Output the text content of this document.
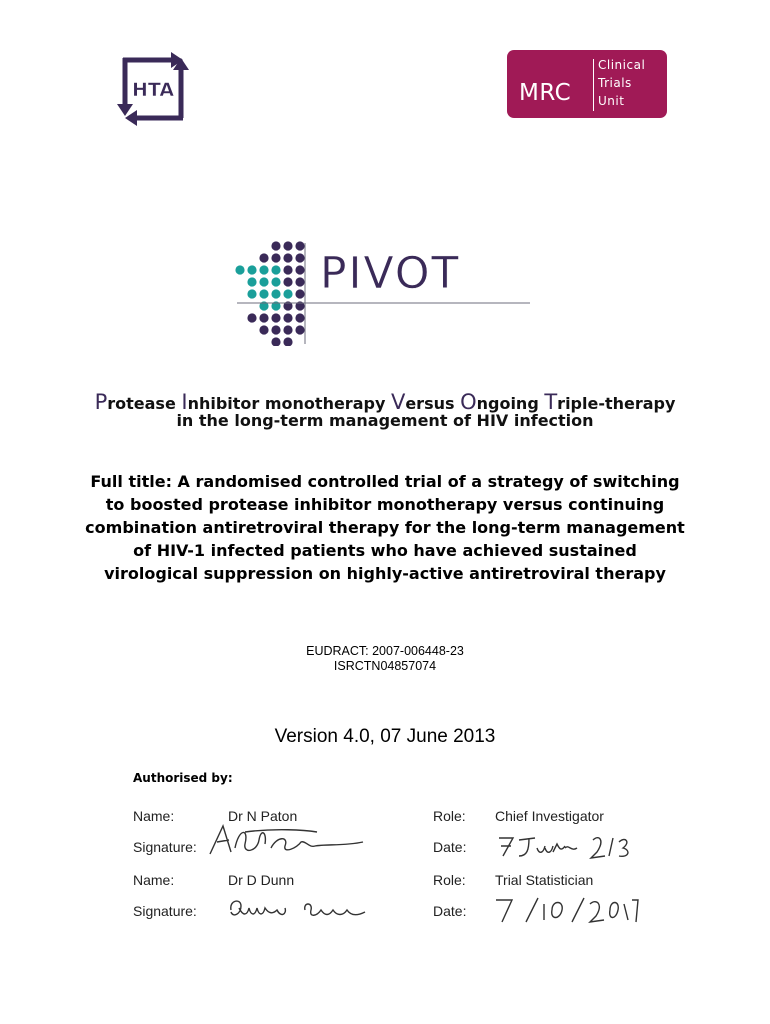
HTA	MRC
Clinical
Trials
Unit
PIVOT
Protease Inhibitor monotherapy Versus Ongoing Triple-therapy
in the long-term management of HIV infection
Full title: A randomised controlled trial of a strategy of switching to boosted protease inhibitor monotherapy versus continuing combination antiretroviral therapy for the long-term management of HIV-1 infected patients who have achieved sustained virological suppression on highly-active antiretroviral therapy
EUDRACT: 2007-006448-23
ISRCTN04857074
Version 4.0, 07 June 2013
Authorised by:
Name:	Dr N Paton	Role: Chief Investigator
Signature:	Date:
Name:	Dr D Dunn	Role: Trial Statistician
Signature:	Date:
